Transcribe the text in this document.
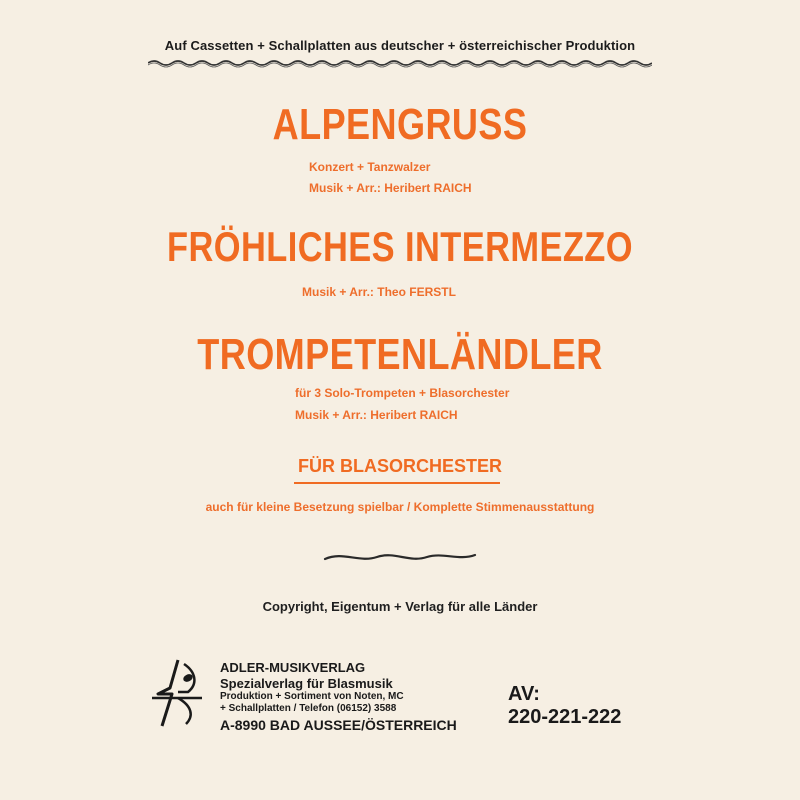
Auf Cassetten + Schallplatten aus deutscher + österreichischer Produktion
ALPENGRUSS
Konzert + Tanzwalzer
Musik + Arr.: Heribert RAICH
FRÖHLICHES INTERMEZZO
Musik + Arr.: Theo FERSTL
TROMPETENLÄNDLER
für 3 Solo-Trompeten + Blasorchester
Musik + Arr.: Heribert RAICH
FÜR BLASORCHESTER
auch für kleine Besetzung spielbar / Komplette Stimmenausstattung
Copyright, Eigentum + Verlag für alle Länder
ADLER-MUSIKVERLAG
Spezialverlag für Blasmusik
Produktion + Sortiment von Noten, MC
+ Schallplatten / Telefon (06152) 3588
A-8990 BAD AUSSEE/ÖSTERREICH
AV:
220-221-222
